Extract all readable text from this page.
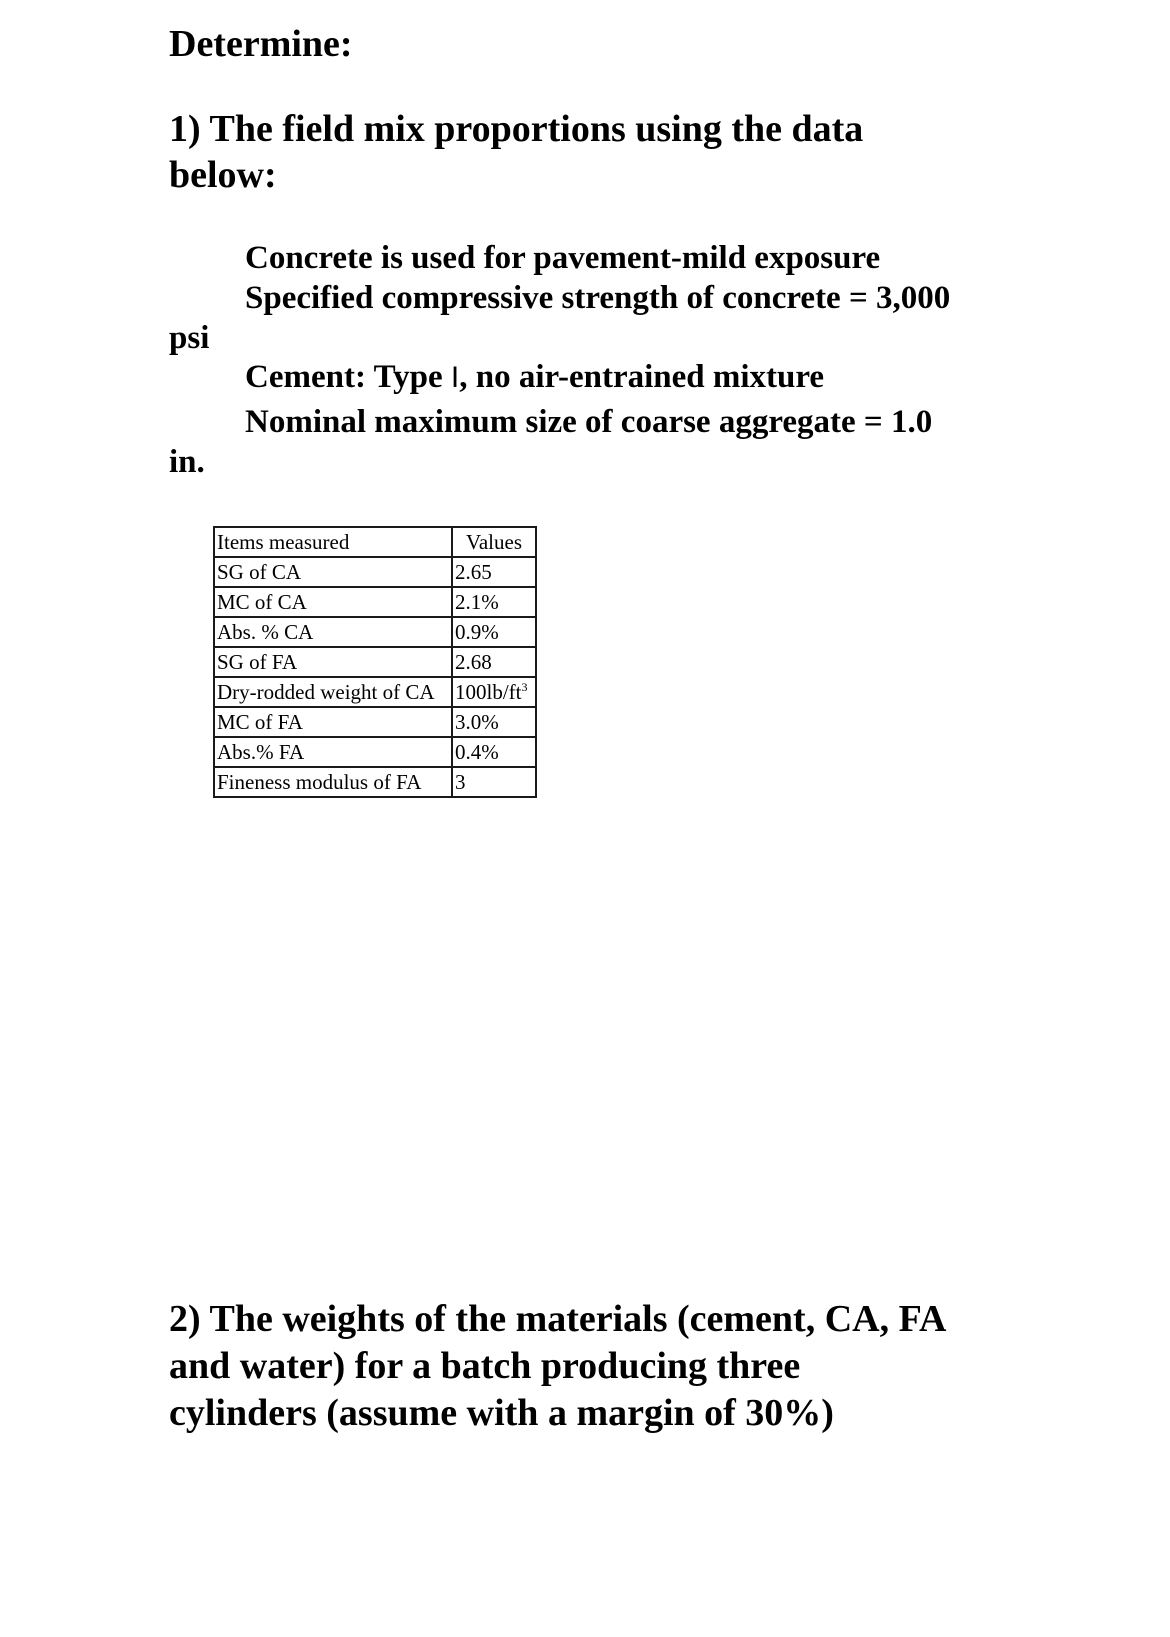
Determine:

1) The field mix proportions using the data

below:

Concrete is used for pavement-mild exposure

Specified compressive strength of concrete = 3,000

psi

Cement: Type I, no air-entrained mixture

Nominal maximum size of coarse aggregate = 1.0

in.

Items measured	Values
SG of CA	2.65
MC of CA	2.1%
Abs. % CA	0.9%
SG of FA	2.68
Dry-rodded weight of CA	$100lb/ft^3$
MC of FA	3.0%
Abs.% FA	0.4%
Fineness modulus of FA	3

2) The weights of the materials (cement, CA, FA

and water) for a batch producing three

cylinders (assume with a margin of 30%)
